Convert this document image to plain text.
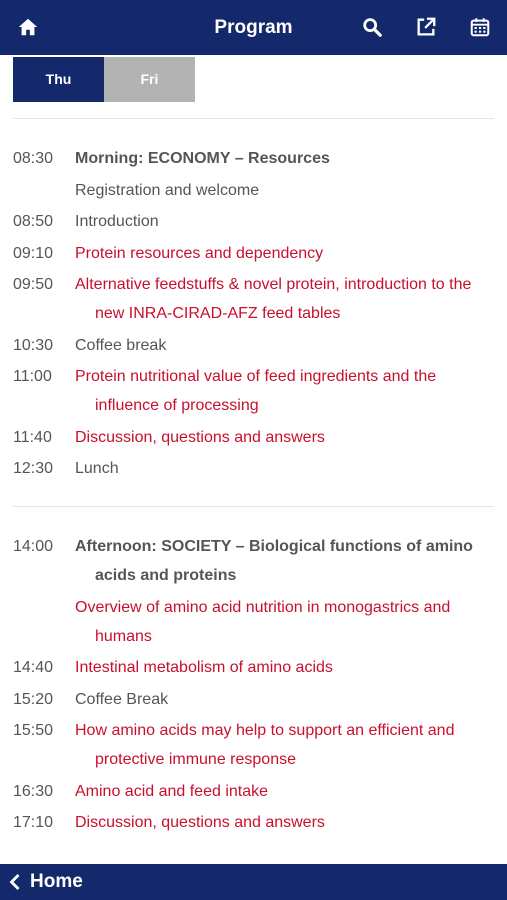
Program
Thu	Fri
08:30	Morning: ECONOMY – Resources
Registration and welcome
08:50	Introduction
09:10	Protein resources and dependency
09:50	Alternative feedstuffs & novel protein, introduction to the new INRA-CIRAD-AFZ feed tables
10:30	Coffee break
11:00	Protein nutritional value of feed ingredients and the influence of processing
11:40	Discussion, questions and answers
12:30	Lunch
14:00	Afternoon: SOCIETY – Biological functions of amino acids and proteins
Overview of amino acid nutrition in monogastrics and humans
14:40	Intestinal metabolism of amino acids
15:20	Coffee Break
15:50	How amino acids may help to support an efficient and protective immune response
16:30	Amino acid and feed intake
17:10	Discussion, questions and answers
Home
